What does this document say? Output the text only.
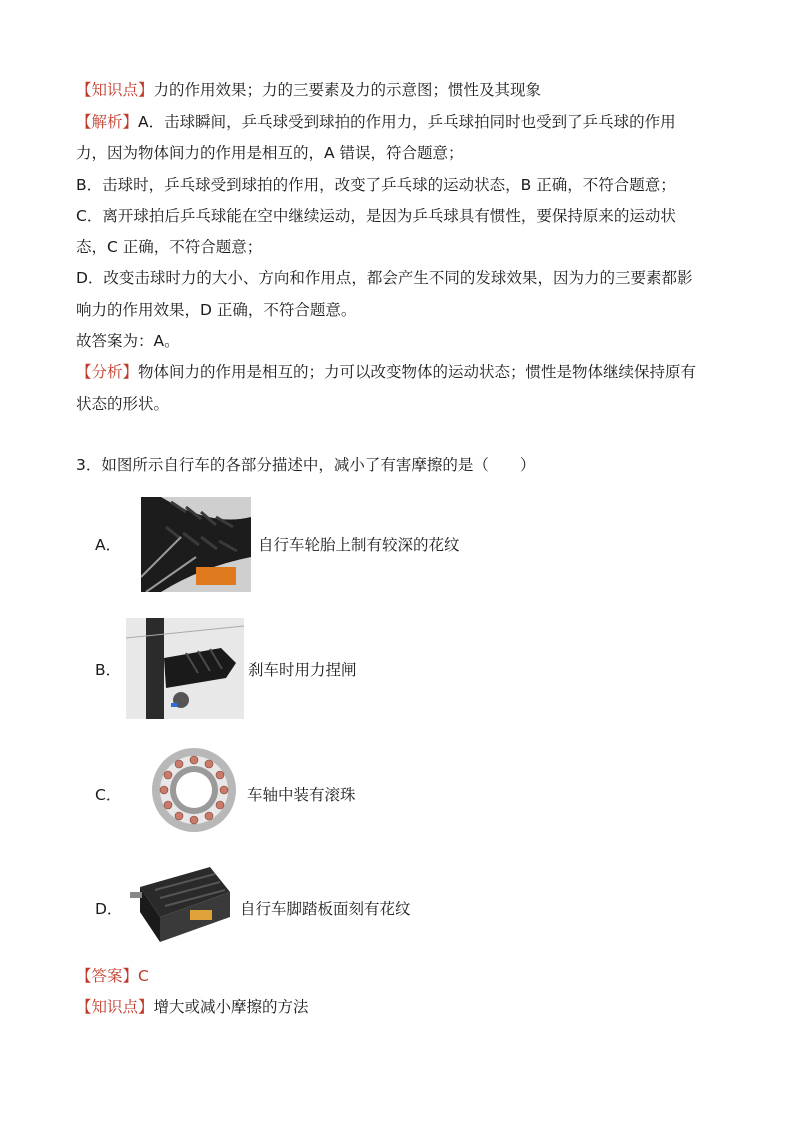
【知识点】力的作用效果；力的三要素及力的示意图；惯性及其现象
【解析】A．击球瞬间，乒乓球受到球拍的作用力，乒乓球拍同时也受到了乒乓球的作用
力，因为物体间力的作用是相互的，A 错误，符合题意；
B．击球时，乒乓球受到球拍的作用，改变了乒乓球的运动状态，B 正确，不符合题意；
C．离开球拍后乒乓球能在空中继续运动，是因为乒乓球具有惯性，要保持原来的运动状
态，C 正确，不符合题意；
D．改变击球时力的大小、方向和作用点，都会产生不同的发球效果，因为力的三要素都影
响力的作用效果，D 正确，不符合题意。
故答案为：A。
【分析】物体间力的作用是相互的；力可以改变物体的运动状态；惯性是物体继续保持原有
状态的形状。
3．如图所示自行车的各部分描述中，减小了有害摩擦的是（　　）
A．	自行车轮胎上制有较深的花纹
B．	刹车时用力捏闸
C．	车轴中装有滚珠
D．	自行车脚踏板面刻有花纹
【答案】C
【知识点】增大或减小摩擦的方法
